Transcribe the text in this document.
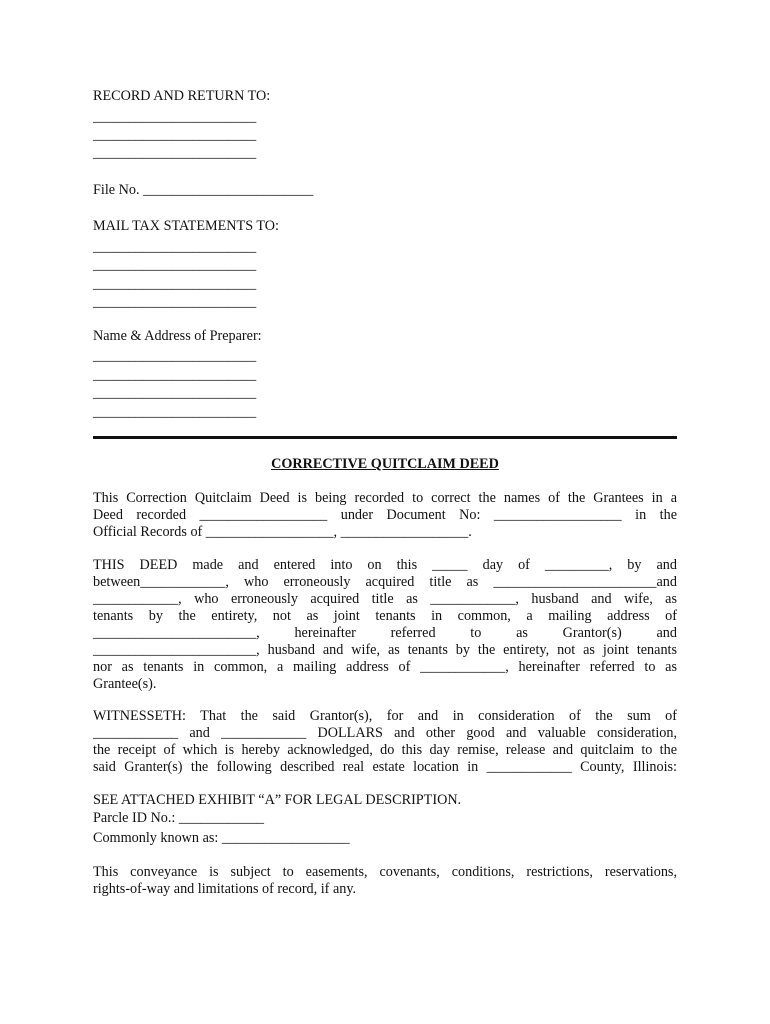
RECORD AND RETURN TO:
_______________________
_______________________
_______________________
File No. ________________________
MAIL TAX STATEMENTS TO:
_______________________
_______________________
_______________________
_______________________
Name & Address of Preparer:
_______________________
_______________________
_______________________
_______________________
CORRECTIVE QUITCLAIM DEED
This Correction Quitclaim Deed is being recorded to correct the names of the Grantees in a
Deed recorded __________________ under Document No: __________________ in the
Official Records of __________________, __________________.
THIS DEED made and entered into on this _____ day of _________, by and
between____________, who erroneously acquired title as _______________________and
____________, who erroneously acquired title as ____________, husband and wife, as
tenants by the entirety, not as joint tenants in common, a mailing address of
_______________________, hereinafter referred to as Grantor(s) and
_______________________, husband and wife, as tenants by the entirety, not as joint tenants
nor as tenants in common, a mailing address of ____________, hereinafter referred to as
Grantee(s).
WITNESSETH: That the said Grantor(s), for and in consideration of the sum of
____________ and ____________ DOLLARS and other good and valuable consideration,
the receipt of which is hereby acknowledged, do this day remise, release and quitclaim to the
said Granter(s) the following described real estate location in ____________ County, Illinois:
SEE ATTACHED EXHIBIT “A” FOR LEGAL DESCRIPTION.
Parcle ID No.: ____________
Commonly known as: __________________
This conveyance is subject to easements, covenants, conditions, restrictions, reservations,
rights-of-way and limitations of record, if any.
